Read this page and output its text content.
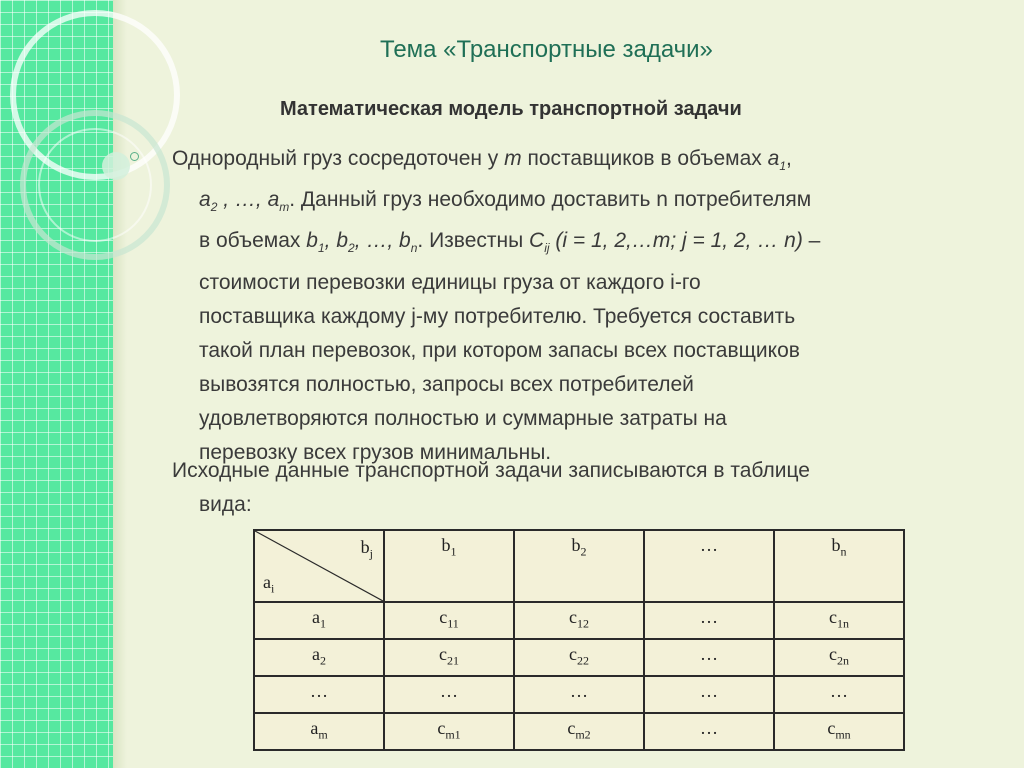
Тема «Транспортные задачи»
Математическая модель транспортной задачи
Однородный груз сосредоточен у m поставщиков в объемах $a_1$,
$a_2$ , …, $a_m$. Данный груз необходимо доставить n потребителям
в объемах $b_1$, $b_2$, …, $b_n$. Известны $C_{ij}$ (i = 1, 2,…m; j = 1, 2, … n) –
стоимости перевозки единицы груза от каждого i-го
поставщика каждому j-му потребителю. Требуется составить
такой план перевозок, при котором запасы всех поставщиков
вывозятся полностью, запросы всех потребителей
удовлетворяются полностью и суммарные затраты на
перевозку всех грузов минимальны.
Исходные данные транспортной задачи записываются в таблице
вида:
$b_j$
$a_i$	$b_1$	$b_2$	…	$b_n$
$a_1$	$c_{11}$	$c_{12}$	…	$c_{1n}$
$a_2$	$c_{21}$	$c_{22}$	…	$c_{2n}$
…	…	…	…	…
$a_m$	$c_{m1}$	$c_{m2}$	…	$c_{mn}$
